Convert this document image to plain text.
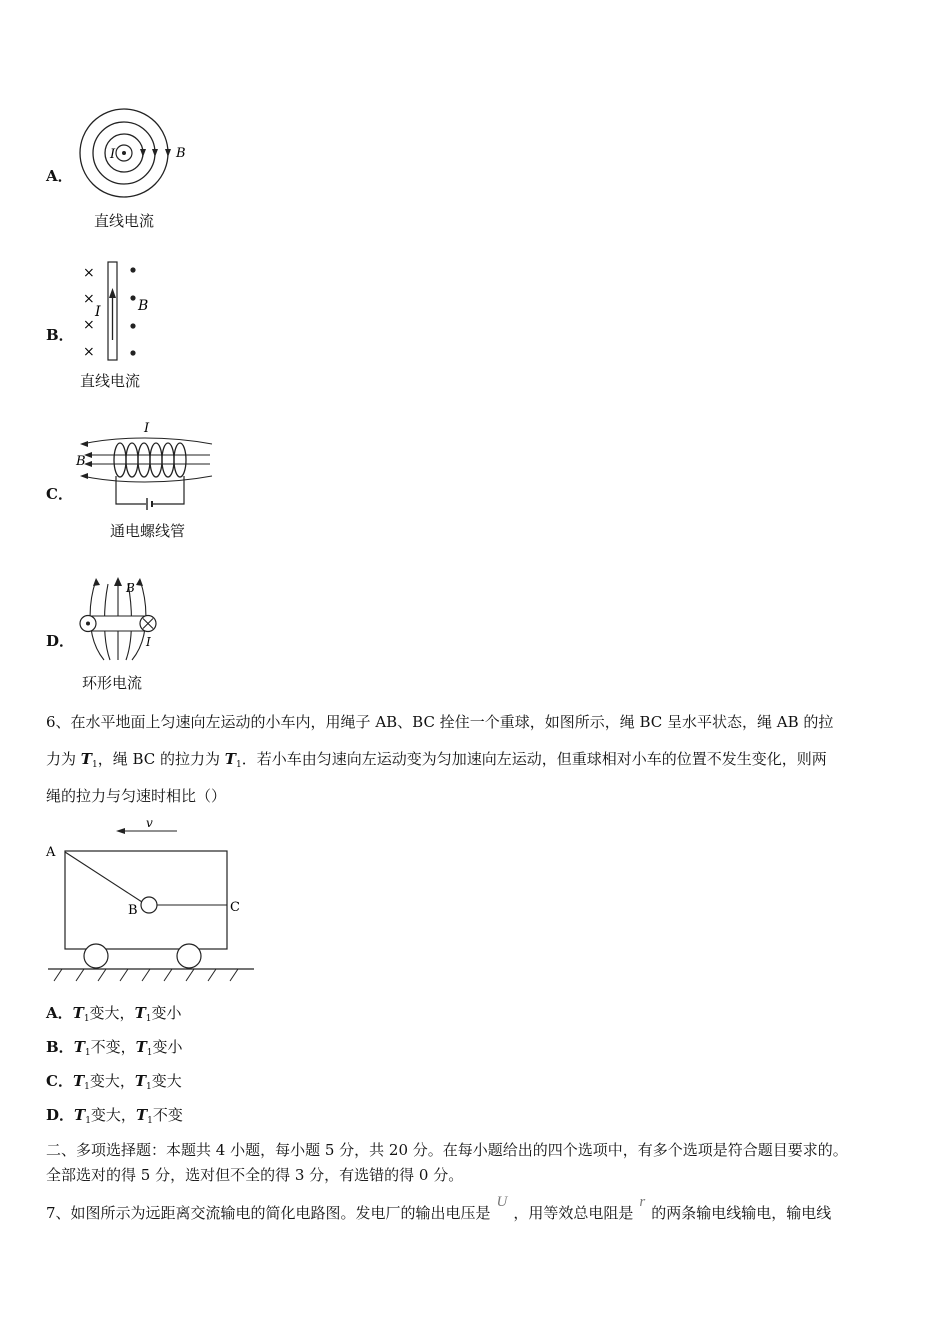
A．
I	B
直线电流
B．
×
×
×
×
I	B
直线电流
C．
I
B
通电螺线管
D．
B
I
环形电流
6、在水平地面上匀速向左运动的小车内，用绳子 AB、BC 拴住一个重球，如图所示，绳 BC 呈水平状态，绳 AB 的拉
力为 $T_1$，绳 BC 的拉力为 $T_1$．若小车由匀速向左运动变为匀加速向左运动，但重球相对小车的位置不发生变化，则两
绳的拉力与匀速时相比（）
v
A
B	C
A．$T_1$变大，$T_1$变小
B．$T_1$不变，$T_1$变小
C．$T_1$变大，$T_1$变大
D．$T_1$变大，$T_1$不变
二、多项选择题：本题共 4 小题，每小题 5 分，共 20 分。在每小题给出的四个选项中，有多个选项是符合题目要求的。
全部选对的得 5 分，选对但不全的得 3 分，有选错的得 0 分。
7、如图所示为远距离交流输电的简化电路图。发电厂的输出电压是U，用等效总电阻是r的两条输电线输电，输电线
